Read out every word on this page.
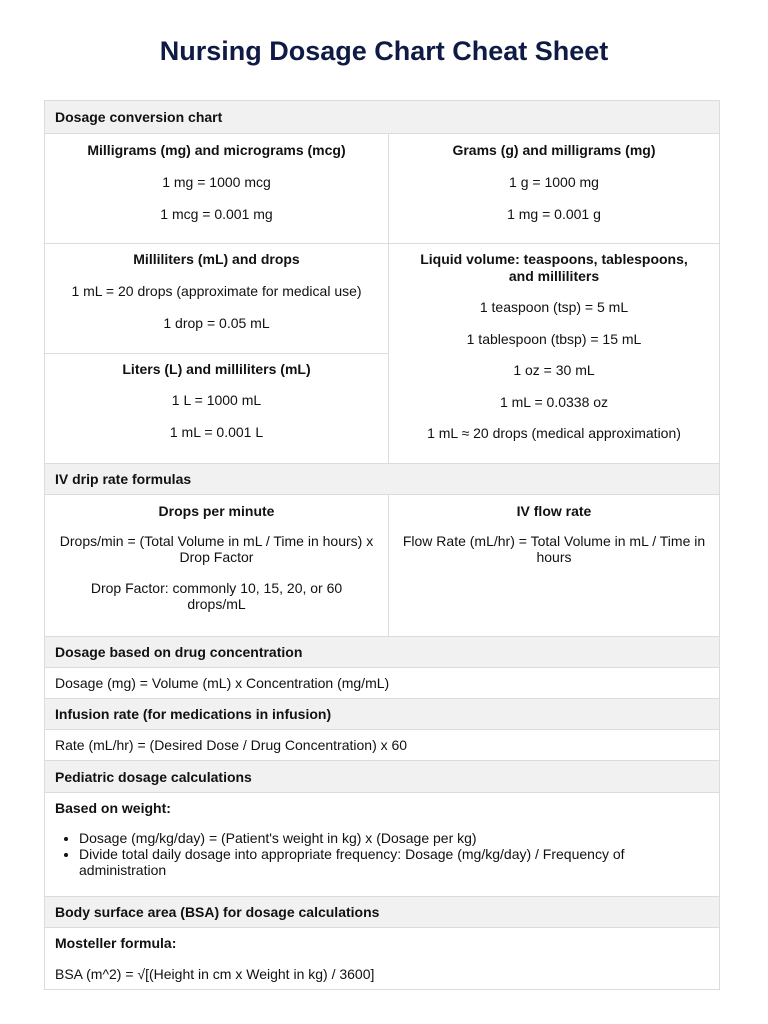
Nursing Dosage Chart Cheat Sheet
Dosage conversion chart

Milligrams (mg) and micrograms (mcg)

1 mg = 1000 mcg

1 mcg = 0.001 mg

Grams (g) and milligrams (mg)

1 g = 1000 mg

1 mg = 0.001 g

Milliliters (mL) and drops

1 mL = 20 drops (approximate for medical use)

1 drop = 0.05 mL

Liters (L) and milliliters (mL)

1 L = 1000 mL

1 mL = 0.001 L

Liquid volume: teaspoons, tablespoons, and milliliters

1 teaspoon (tsp) = 5 mL

1 tablespoon (tbsp) = 15 mL

1 oz = 30 mL

1 mL = 0.0338 oz

1 mL ≈ 20 drops (medical approximation)

IV drip rate formulas

Drops per minute

Drops/min = (Total Volume in mL / Time in hours) x Drop Factor

Drop Factor: commonly 10, 15, 20, or 60 drops/mL

IV flow rate

Flow Rate (mL/hr) = Total Volume in mL / Time in hours

Dosage based on drug concentration
Dosage (mg) = Volume (mL) x Concentration (mg/mL)
Infusion rate (for medications in infusion)
Rate (mL/hr) = (Desired Dose / Drug Concentration) x 60
Pediatric dosage calculations
Based on weight:
• Dosage (mg/kg/day) = (Patient's weight in kg) x (Dosage per kg)
• Divide total daily dosage into appropriate frequency: Dosage (mg/kg/day) / Frequency of administration
Body surface area (BSA) for dosage calculations
Mosteller formula:
BSA (m^2) = √[(Height in cm x Weight in kg) / 3600]
